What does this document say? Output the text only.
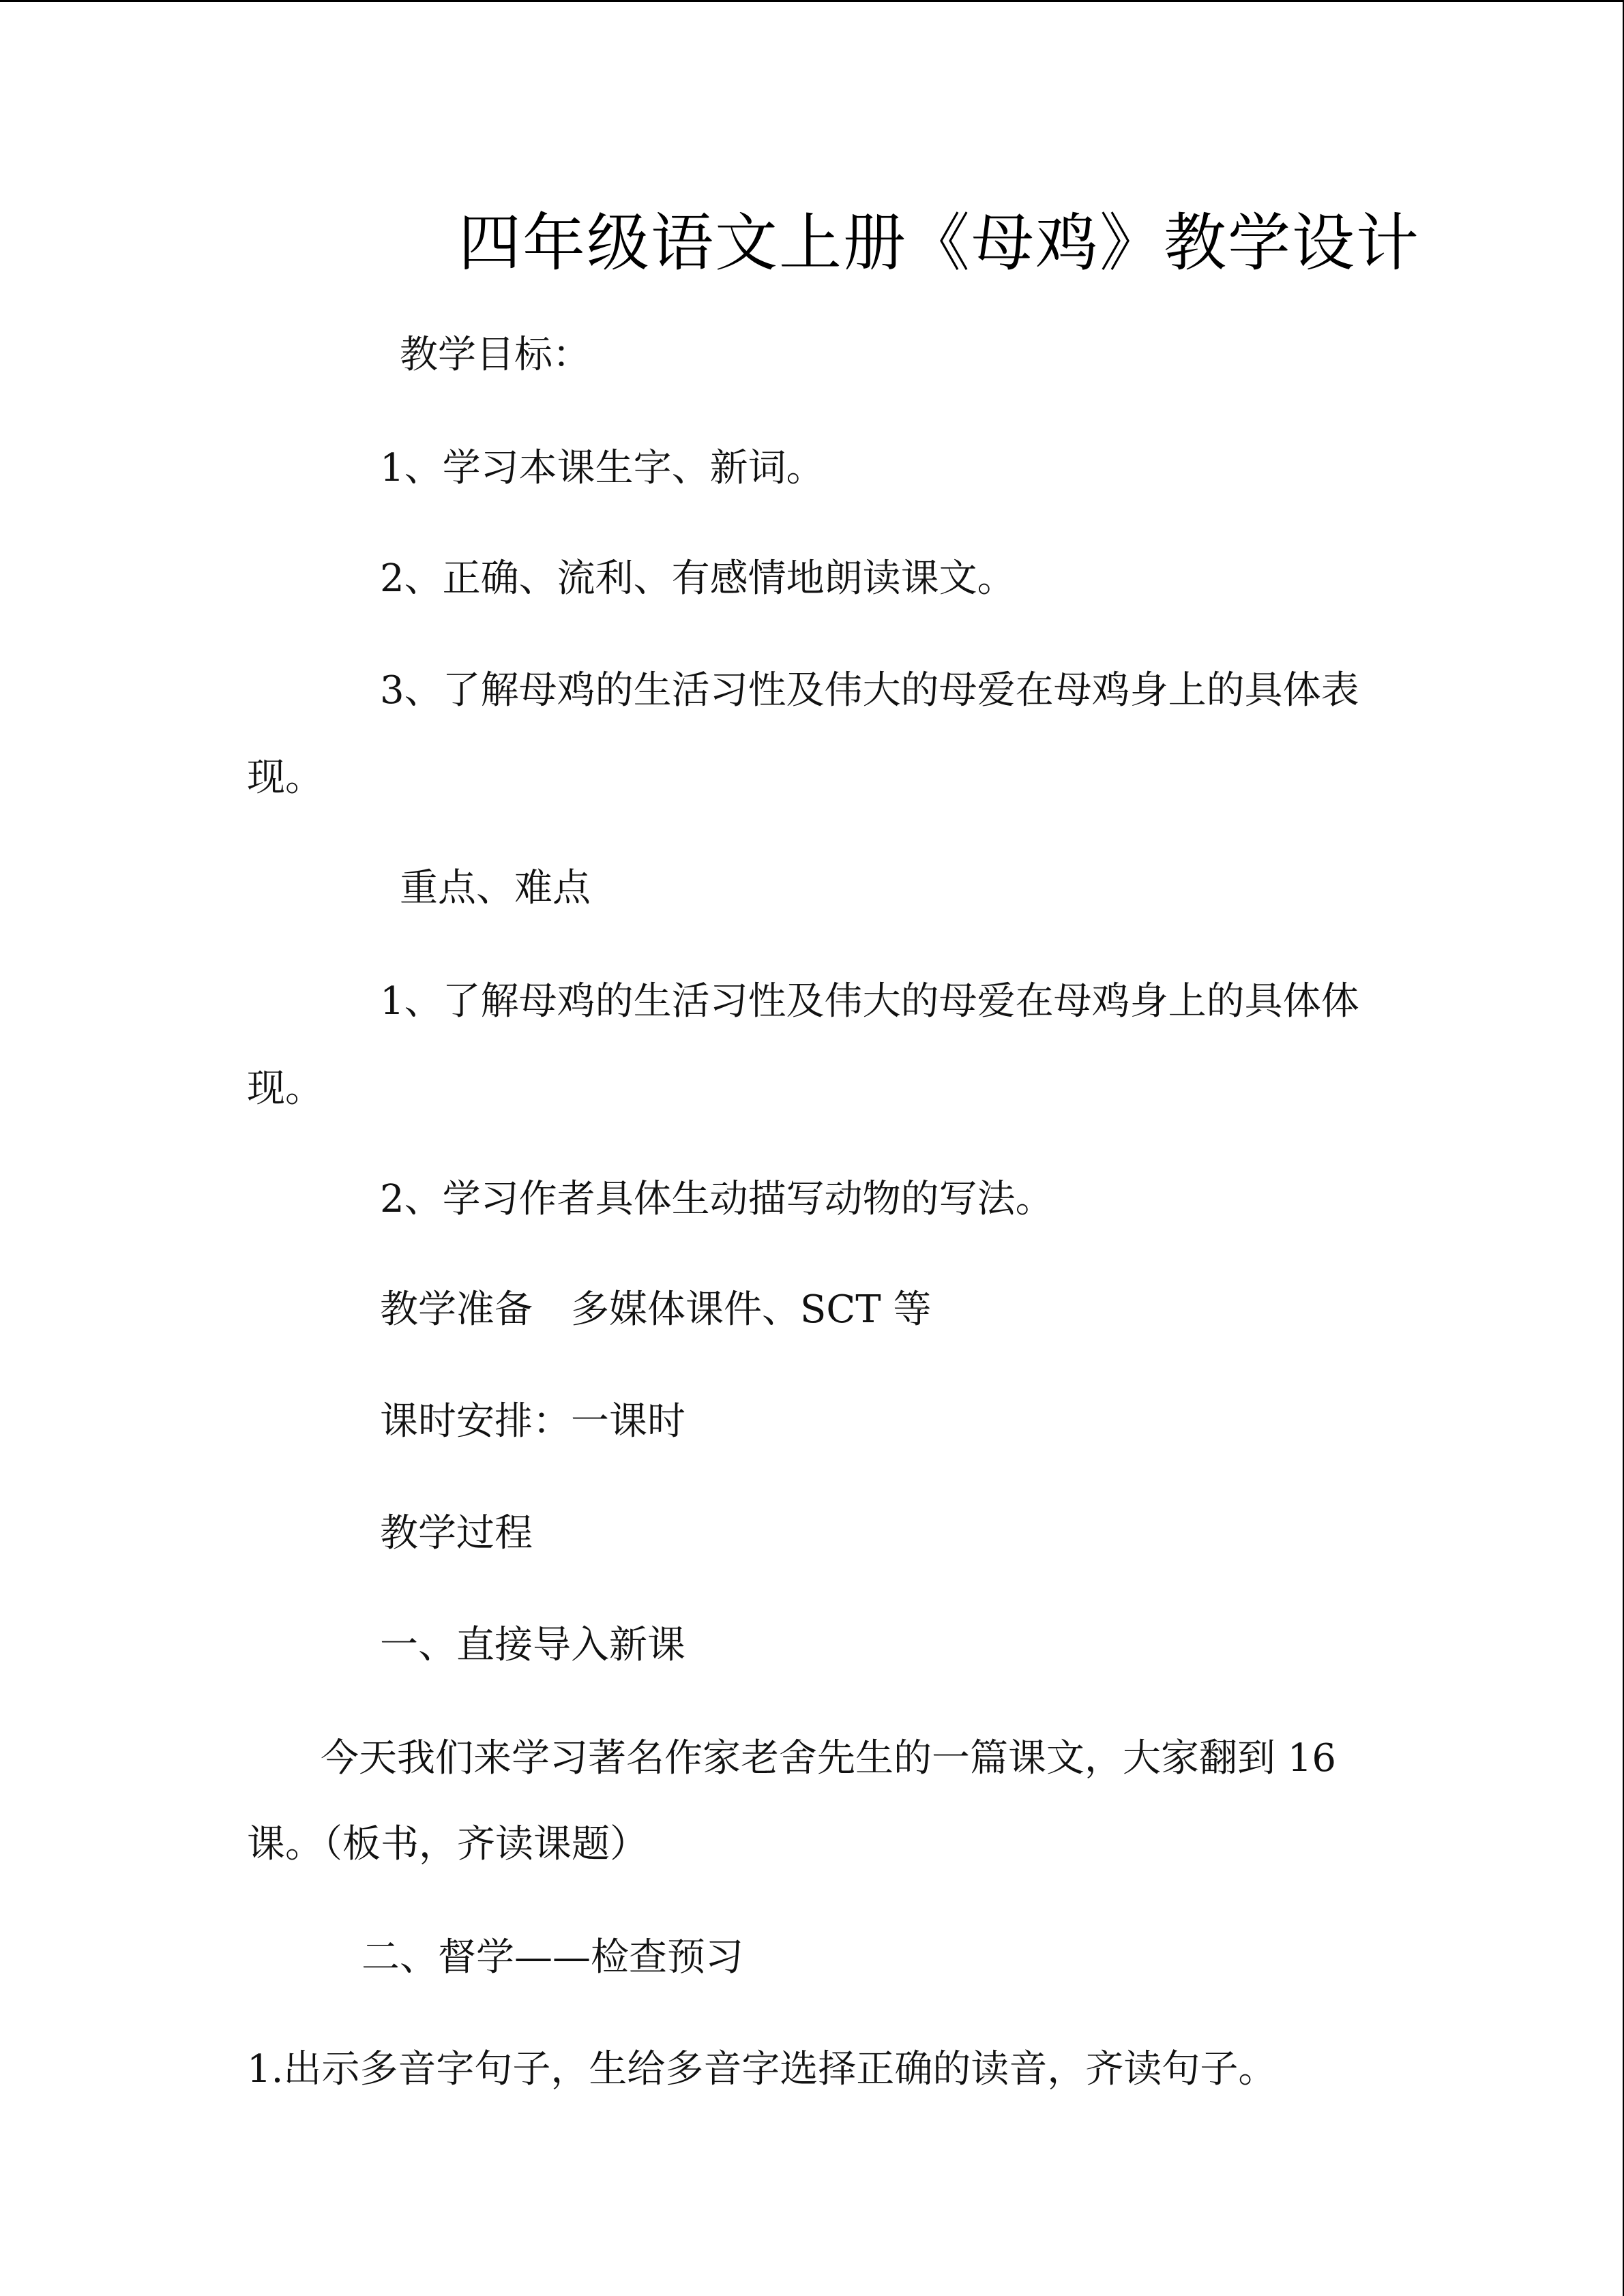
四年级语文上册《母鸡》教学设计

教学目标：

1、学习本课生字、新词。

2、正确、流利、有感情地朗读课文。

3、了解母鸡的生活习性及伟大的母爱在母鸡身上的具体表

现。

重点、难点

1、了解母鸡的生活习性及伟大的母爱在母鸡身上的具体体

现。

2、学习作者具体生动描写动物的写法。

教学准备　多媒体课件、SCT 等

课时安排：一课时

教学过程

一、直接导入新课

今天我们来学习著名作家老舍先生的一篇课文，大家翻到 16

课。（板书，齐读课题）

二、督学——检查预习

1.出示多音字句子，生给多音字选择正确的读音，齐读句子。
